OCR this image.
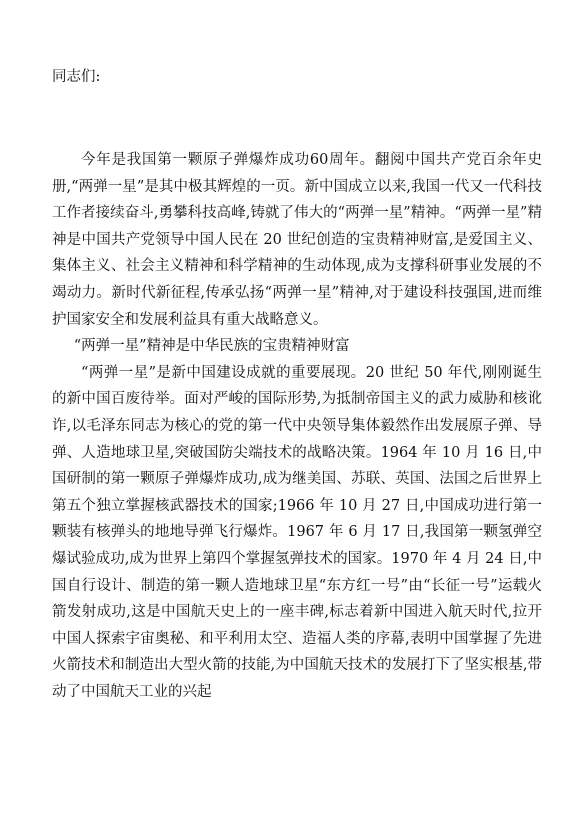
同志们:

今年是我国第一颗原子弹爆炸成功60周年。翻阅中国共产党百余年史册,“两弹一星”是其中极其辉煌的一页。新中国成立以来,我国一代又一代科技工作者接续奋斗,勇攀科技高峰,铸就了伟大的“两弹一星”精神。“两弹一星”精神是中国共产党领导中国人民在 20 世纪创造的宝贵精神财富,是爱国主义、集体主义、社会主义精神和科学精神的生动体现,成为支撑科研事业发展的不竭动力。新时代新征程,传承弘扬“两弹一星”精神,对于建设科技强国,进而维护国家安全和发展利益具有重大战略意义。

“两弹一星”精神是中华民族的宝贵精神财富

“两弹一星”是新中国建设成就的重要展现。20 世纪 50 年代,刚刚诞生的新中国百废待举。面对严峻的国际形势,为抵制帝国主义的武力威胁和核讹诈,以毛泽东同志为核心的党的第一代中央领导集体毅然作出发展原子弹、导弹、人造地球卫星,突破国防尖端技术的战略决策。1964 年 10 月 16 日,中国研制的第一颗原子弹爆炸成功,成为继美国、苏联、英国、法国之后世界上第五个独立掌握核武器技术的国家;1966 年 10 月 27 日,中国成功进行第一颗装有核弹头的地地导弹飞行爆炸。1967 年 6 月 17 日,我国第一颗氢弹空爆试验成功,成为世界上第四个掌握氢弹技术的国家。1970 年 4 月 24 日,中国自行设计、制造的第一颗人造地球卫星“东方红一号”由“长征一号”运载火箭发射成功,这是中国航天史上的一座丰碑,标志着新中国进入航天时代,拉开中国人探索宇宙奥秘、和平利用太空、造福人类的序幕,表明中国掌握了先进火箭技术和制造出大型火箭的技能,为中国航天技术的发展打下了坚实根基,带动了中国航天工业的兴起
